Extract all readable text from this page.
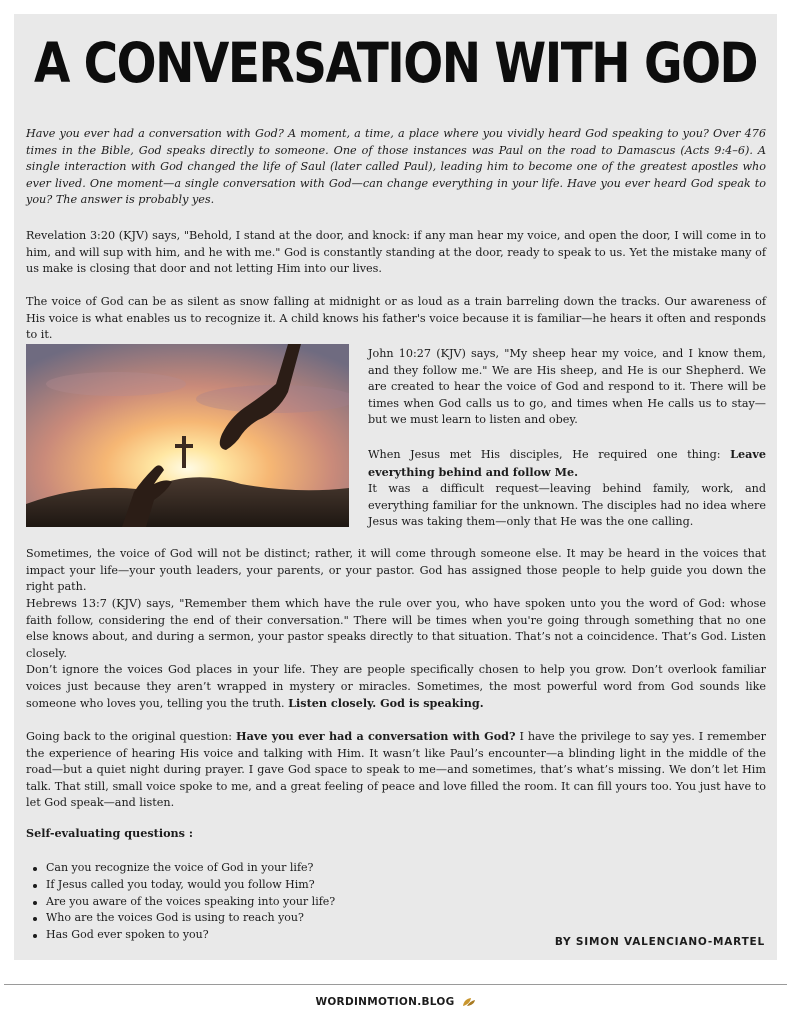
A CONVERSATION WITH GOD

Have you ever had a conversation with God? A moment, a time, a place where you vividly heard God speaking to you? Over 476 times in the Bible, God speaks directly to someone. One of those instances was Paul on the road to Damascus (Acts 9:4–6). A single interaction with God changed the life of Saul (later called Paul), leading him to become one of the greatest apostles who ever lived. One moment—a single conversation with God—can change everything in your life. Have you ever heard God speak to you? The answer is probably yes.

Revelation 3:20 (KJV) says, "Behold, I stand at the door, and knock: if any man hear my voice, and open the door, I will come in to him, and will sup with him, and he with me." God is constantly standing at the door, ready to speak to us. Yet the mistake many of us make is closing that door and not letting Him into our lives.

The voice of God can be as silent as snow falling at midnight or as loud as a train barreling down the tracks. Our awareness of His voice is what enables us to recognize it. A child knows his father's voice because it is familiar—he hears it often and responds to it.

John 10:27 (KJV) says, "My sheep hear my voice, and I know them, and they follow me." We are His sheep, and He is our Shepherd. We are created to hear the voice of God and respond to it. There will be times when God calls us to go, and times when He calls us to stay—but we must learn to listen and obey.

When Jesus met His disciples, He required one thing: Leave everything behind and follow Me.
It was a difficult request—leaving behind family, work, and everything familiar for the unknown. The disciples had no idea where Jesus was taking them—only that He was the one calling.

Sometimes, the voice of God will not be distinct; rather, it will come through someone else. It may be heard in the voices that impact your life—your youth leaders, your parents, or your pastor. God has assigned those people to help guide you down the right path.

Hebrews 13:7 (KJV) says, "Remember them which have the rule over you, who have spoken unto you the word of God: whose faith follow, considering the end of their conversation." There will be times when you're going through something that no one else knows about, and during a sermon, your pastor speaks directly to that situation. That’s not a coincidence. That’s God. Listen closely.

Don’t ignore the voices God places in your life. They are people specifically chosen to help you grow. Don’t overlook familiar voices just because they aren’t wrapped in mystery or miracles. Sometimes, the most powerful word from God sounds like someone who loves you, telling you the truth. Listen closely. God is speaking.

Going back to the original question: Have you ever had a conversation with God? I have the privilege to say yes. I remember the experience of hearing His voice and talking with Him. It wasn’t like Paul’s encounter—a blinding light in the middle of the road—but a quiet night during prayer. I gave God space to speak to me—and sometimes, that’s what’s missing. We don’t let Him talk. That still, small voice spoke to me, and a great feeling of peace and love filled the room. It can fill yours too. You just have to let God speak—and listen.

Self-evaluating questions :

Can you recognize the voice of God in your life?
If Jesus called you today, would you follow Him?
Are you aware of the voices speaking into your life?
Who are the voices God is using to reach you?
Has God ever spoken to you?

BY SIMON VALENCIANO-MARTEL

WORDINMOTION.BLOG
